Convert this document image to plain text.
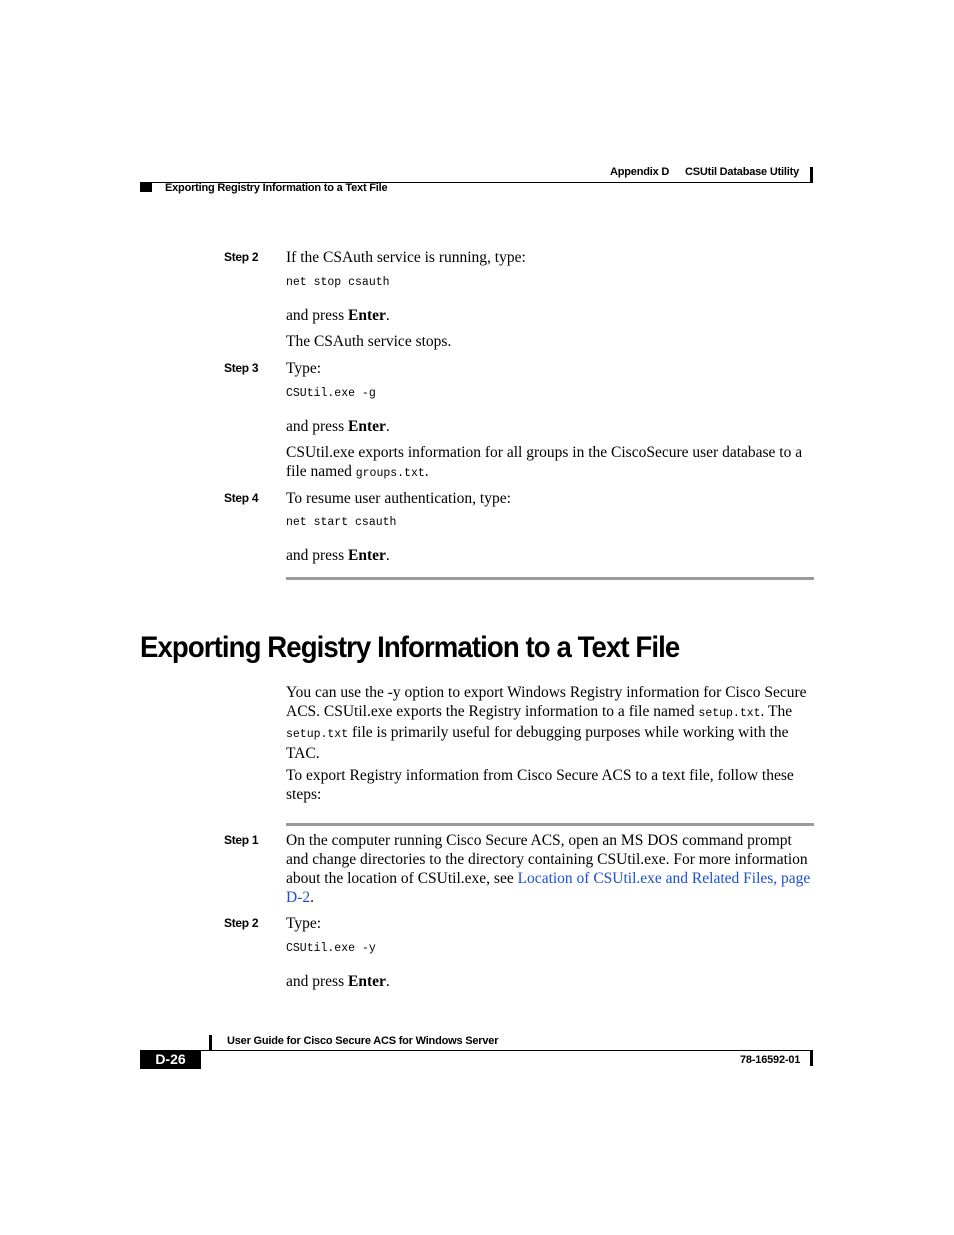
Appendix D CSUtil Database Utility
Exporting Registry Information to a Text File
Step 2 If the CSAuth service is running, type:
net stop csauth
and press Enter.
The CSAuth service stops.
Step 3 Type:
CSUtil.exe -g
and press Enter.
CSUtil.exe exports information for all groups in the CiscoSecure user database to a file named groups.txt.
Step 4 To resume user authentication, type:
net start csauth
and press Enter.
Exporting Registry Information to a Text File
You can use the -y option to export Windows Registry information for Cisco Secure ACS. CSUtil.exe exports the Registry information to a file named setup.txt. The setup.txt file is primarily useful for debugging purposes while working with the TAC.
To export Registry information from Cisco Secure ACS to a text file, follow these steps:
Step 1 On the computer running Cisco Secure ACS, open an MS DOS command prompt and change directories to the directory containing CSUtil.exe. For more information about the location of CSUtil.exe, see Location of CSUtil.exe and Related Files, page D-2.
Step 2 Type:
CSUtil.exe -y
and press Enter.
User Guide for Cisco Secure ACS for Windows Server
D-26	78-16592-01
